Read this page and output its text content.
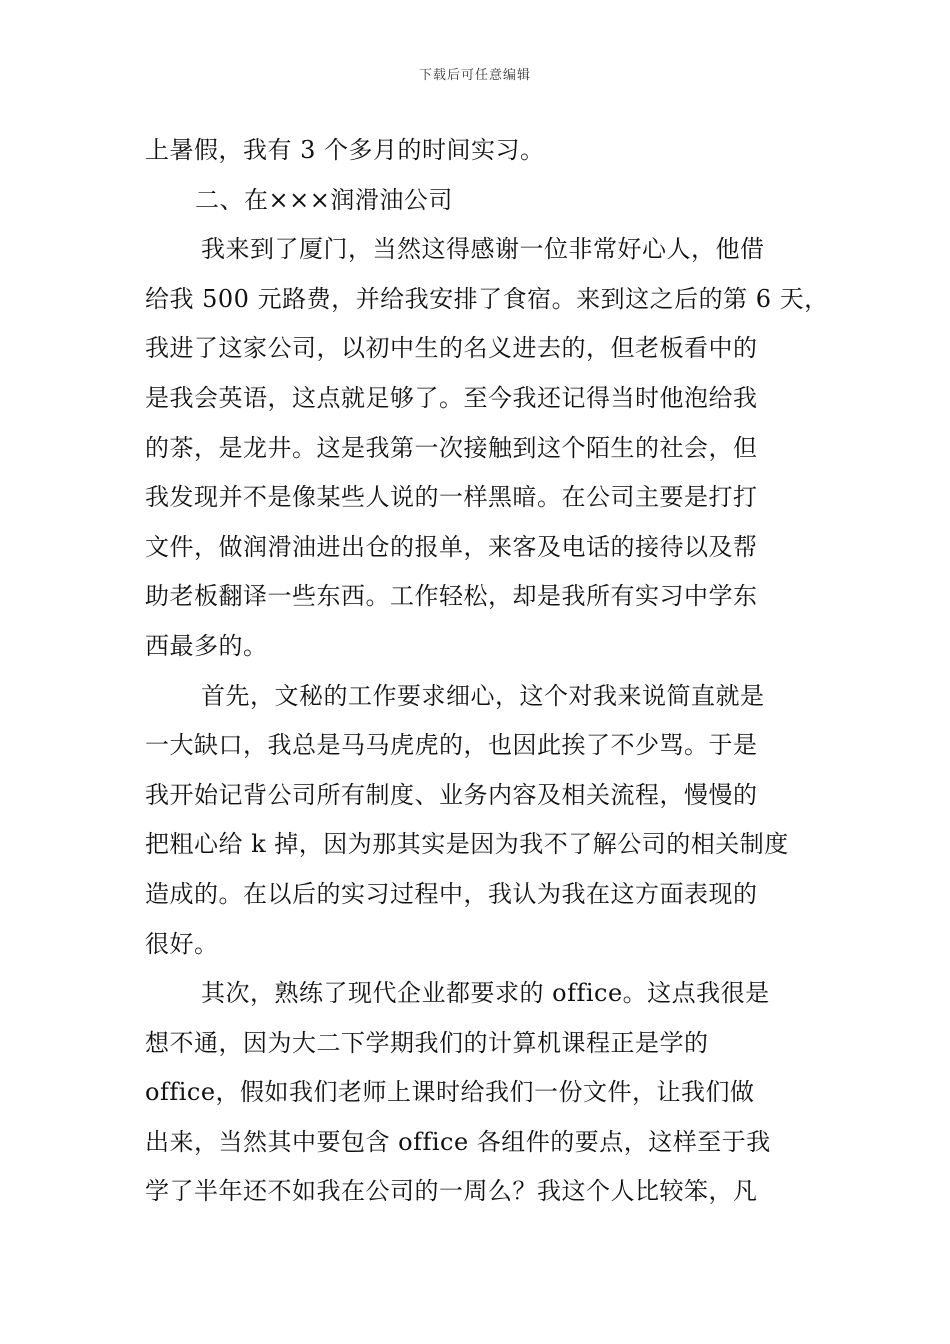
下载后可任意编辑
上暑假，我有 3 个多月的时间实习。
二、在×××润滑油公司
我来到了厦门，当然这得感谢一位非常好心人，他借
给我 500 元路费，并给我安排了食宿。来到这之后的第 6 天，
我进了这家公司，以初中生的名义进去的，但老板看中的
是我会英语，这点就足够了。至今我还记得当时他泡给我
的茶，是龙井。这是我第一次接触到这个陌生的社会，但
我发现并不是像某些人说的一样黑暗。在公司主要是打打
文件，做润滑油进出仓的报单，来客及电话的接待以及帮
助老板翻译一些东西。工作轻松，却是我所有实习中学东
西最多的。
首先，文秘的工作要求细心，这个对我来说简直就是
一大缺口，我总是马马虎虎的，也因此挨了不少骂。于是
我开始记背公司所有制度、业务内容及相关流程，慢慢的
把粗心给 k 掉，因为那其实是因为我不了解公司的相关制度
造成的。在以后的实习过程中，我认为我在这方面表现的
很好。
其次，熟练了现代企业都要求的 office。这点我很是
想不通，因为大二下学期我们的计算机课程正是学的
office，假如我们老师上课时给我们一份文件，让我们做
出来，当然其中要包含 office 各组件的要点，这样至于我
学了半年还不如我在公司的一周么？我这个人比较笨，凡
